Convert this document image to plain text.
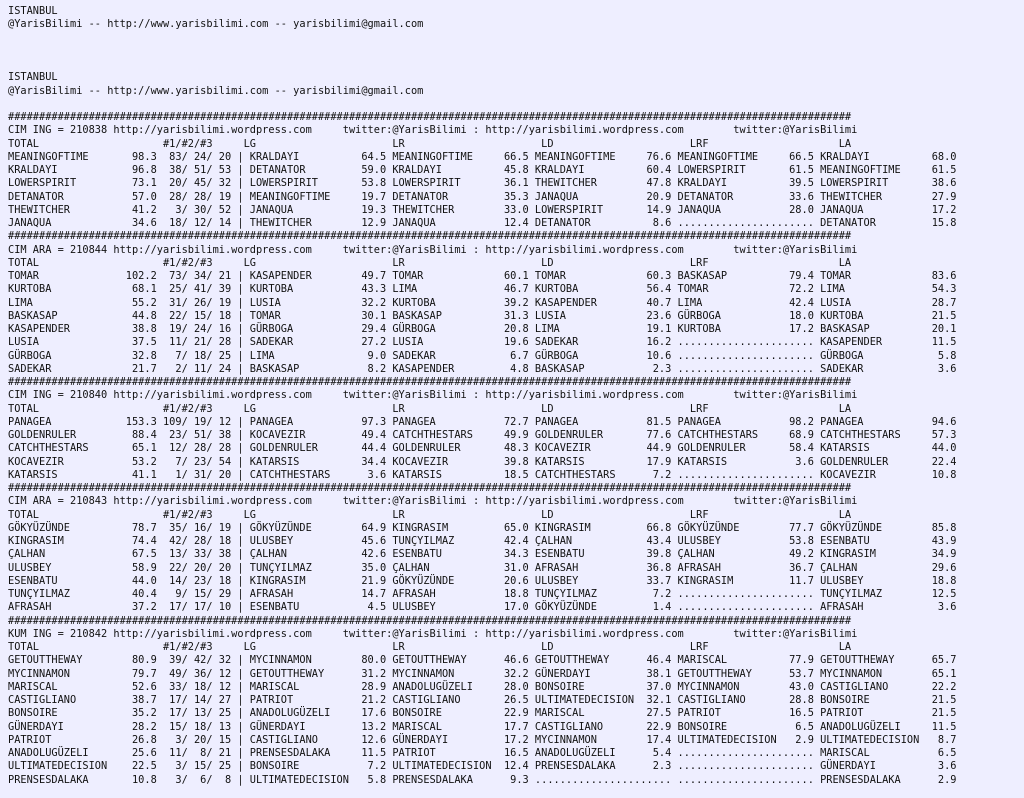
ISTANBUL
@YarisBilimi -- http://www.yarisbilimi.com -- yarisbilimi@gmail.com

ISTANBUL
@YarisBilimi -- http://www.yarisbilimi.com -- yarisbilimi@gmail.com
########################################################################################################################################
CIM ING = 210838 http://yarisbilimi.wordpress.com     twitter:@YarisBilimi : http://yarisbilimi.wordpress.com        twitter:@YarisBilimi
TOTAL                    #1/#2/#3     LG                      LR                      LD                      LRF                     LA
MEANINGOFTIME       98.3  83/ 24/ 20 | KRALDAYI          64.5 MEANINGOFTIME     66.5 MEANINGOFTIME     76.6 MEANINGOFTIME     66.5 KRALDAYI          68.0
KRALDAYI            96.8  38/ 51/ 53 | DETANATOR         59.0 KRALDAYI          45.8 KRALDAYI          60.4 LOWERSPIRIT       61.5 MEANINGOFTIME     61.5
LOWERSPIRIT         73.1  20/ 45/ 32 | LOWERSPIRIT       53.8 LOWERSPIRIT       36.1 THEWITCHER        47.8 KRALDAYI          39.5 LOWERSPIRIT       38.6
DETANATOR           57.0  28/ 28/ 19 | MEANINGOFTIME     19.7 DETANATOR         35.3 JANAQUA           20.9 DETANATOR         33.6 THEWITCHER        27.9
THEWITCHER          41.2   3/ 30/ 52 | JANAQUA           19.3 THEWITCHER        33.0 LOWERSPIRIT       14.9 JANAQUA           28.0 JANAQUA           17.2
JANAQUA             34.6  18/ 12/ 14 | THEWITCHER        12.9 JANAQUA           12.4 DETANATOR          8.6 ...................... DETANATOR         15.8
########################################################################################################################################
CIM ARA = 210844 http://yarisbilimi.wordpress.com     twitter:@YarisBilimi : http://yarisbilimi.wordpress.com        twitter:@YarisBilimi
TOTAL                    #1/#2/#3     LG                      LR                      LD                      LRF                     LA
TOMAR              102.2  73/ 34/ 21 | KASAPENDER        49.7 TOMAR             60.1 TOMAR             60.3 BASKASAP          79.4 TOMAR             83.6
KURTOBA             68.1  25/ 41/ 39 | KURTOBA           43.3 LIMA              46.7 KURTOBA           56.4 TOMAR             72.2 LIMA              54.3
LIMA                55.2  31/ 26/ 19 | LUSIA             32.2 KURTOBA           39.2 KASAPENDER        40.7 LIMA              42.4 LUSIA             28.7
BASKASAP            44.8  22/ 15/ 18 | TOMAR             30.1 BASKASAP          31.3 LUSIA             23.6 GÜRBOGA           18.0 KURTOBA           21.5
KASAPENDER          38.8  19/ 24/ 16 | GÜRBOGA           29.4 GÜRBOGA           20.8 LIMA              19.1 KURTOBA           17.2 BASKASAP          20.1
LUSIA               37.5  11/ 21/ 28 | SADEKAR           27.2 LUSIA             19.6 SADEKAR           16.2 ...................... KASAPENDER        11.5
GÜRBOGA             32.8   7/ 18/ 25 | LIMA               9.0 SADEKAR            6.7 GÜRBOGA           10.6 ...................... GÜRBOGA            5.8
SADEKAR             21.7   2/ 11/ 24 | BASKASAP           8.2 KASAPENDER         4.8 BASKASAP           2.3 ...................... SADEKAR            3.6
########################################################################################################################################
CIM ING = 210840 http://yarisbilimi.wordpress.com     twitter:@YarisBilimi : http://yarisbilimi.wordpress.com        twitter:@YarisBilimi
TOTAL                    #1/#2/#3     LG                      LR                      LD                      LRF                     LA
PANAGEA            153.3 109/ 19/ 12 | PANAGEA           97.3 PANAGEA           72.7 PANAGEA           81.5 PANAGEA           98.2 PANAGEA           94.6
GOLDENRULER         88.4  23/ 51/ 38 | KOCAVEZIR         49.4 CATCHTHESTARS     49.9 GOLDENRULER       77.6 CATCHTHESTARS     68.9 CATCHTHESTARS     57.3
CATCHTHESTARS       65.1  12/ 28/ 28 | GOLDENRULER       44.4 GOLDENRULER       48.3 KOCAVEZIR         44.9 GOLDENRULER       58.4 KATARSIS          44.0
KOCAVEZIR           53.2   7/ 23/ 54 | KATARSIS          34.4 KOCAVEZIR         39.8 KATARSIS          17.9 KATARSIS           3.6 GOLDENRULER       22.4
KATARSIS            41.1   1/ 31/ 20 | CATCHTHESTARS      3.6 KATARSIS          18.5 CATCHTHESTARS      7.2 ...................... KOCAVEZIR         10.8
########################################################################################################################################
CIM ARA = 210843 http://yarisbilimi.wordpress.com     twitter:@YarisBilimi : http://yarisbilimi.wordpress.com        twitter:@YarisBilimi
TOTAL                    #1/#2/#3     LG                      LR                      LD                      LRF                     LA
GÖKYÜZÜNDE          78.7  35/ 16/ 19 | GÖKYÜZÜNDE        64.9 KINGRASIM         65.0 KINGRASIM         66.8 GÖKYÜZÜNDE        77.7 GÖKYÜZÜNDE        85.8
KINGRASIM           74.4  42/ 28/ 18 | ULUSBEY           45.6 TUNÇYILMAZ        42.4 ÇALHAN            43.4 ULUSBEY           53.8 ESENBATU          43.9
ÇALHAN              67.5  13/ 33/ 38 | ÇALHAN            42.6 ESENBATU          34.3 ESENBATU          39.8 ÇALHAN            49.2 KINGRASIM         34.9
ULUSBEY             58.9  22/ 20/ 20 | TUNÇYILMAZ        35.0 ÇALHAN            31.0 AFRASAH           36.8 AFRASAH           36.7 ÇALHAN            29.6
ESENBATU            44.0  14/ 23/ 18 | KINGRASIM         21.9 GÖKYÜZÜNDE        20.6 ULUSBEY           33.7 KINGRASIM         11.7 ULUSBEY           18.8
TUNÇYILMAZ          40.4   9/ 15/ 29 | AFRASAH           14.7 AFRASAH           18.8 TUNÇYILMAZ         7.2 ...................... TUNÇYILMAZ        12.5
AFRASAH             37.2  17/ 17/ 10 | ESENBATU           4.5 ULUSBEY           17.0 GÖKYÜZÜNDE         1.4 ...................... AFRASAH            3.6
########################################################################################################################################
KUM ING = 210842 http://yarisbilimi.wordpress.com     twitter:@YarisBilimi : http://yarisbilimi.wordpress.com        twitter:@YarisBilimi
TOTAL                    #1/#2/#3     LG                      LR                      LD                      LRF                     LA
GETOUTTHEWAY        80.9  39/ 42/ 32 | MYCINNAMON        80.0 GETOUTTHEWAY      46.6 GETOUTTHEWAY      46.4 MARISCAL          77.9 GETOUTTHEWAY      65.7
MYCINNAMON          79.7  49/ 36/ 12 | GETOUTTHEWAY      31.2 MYCINNAMON        32.2 GÜNERDAYI         38.1 GETOUTTHEWAY      53.7 MYCINNAMON        65.1
MARISCAL            52.6  33/ 18/ 12 | MARISCAL          28.9 ANADOLUGÜZELI     28.0 BONSOIRE          37.0 MYCINNAMON        43.0 CASTIGLIANO       22.2
CASTIGLIANO         38.7  17/ 14/ 27 | PATRIOT           21.2 CASTIGLIANO       26.5 ULTIMATEDECISION  32.1 CASTIGLIANO       28.8 BONSOIRE          21.5
BONSOIRE            35.2  17/ 13/ 25 | ANADOLUGÜZELI     17.6 BONSOIRE          22.9 MARISCAL          27.5 PATRIOT           16.5 PATRIOT           21.5
GÜNERDAYI           28.2  15/ 18/ 13 | GÜNERDAYI         13.2 MARISCAL          17.7 CASTIGLIANO       22.9 BONSOIRE           6.5 ANADOLUGÜZELI     11.5
PATRIOT             26.8   3/ 20/ 15 | CASTIGLIANO       12.6 GÜNERDAYI         17.2 MYCINNAMON        17.4 ULTIMATEDECISION   2.9 ULTIMATEDECISION   8.7
ANADOLUGÜZELI       25.6  11/  8/ 21 | PRENSESDALAKA     11.5 PATRIOT           16.5 ANADOLUGÜZELI      5.4 ...................... MARISCAL           6.5
ULTIMATEDECISION    22.5   3/ 15/ 25 | BONSOIRE           7.2 ULTIMATEDECISION  12.4 PRENSESDALAKA      2.3 ...................... GÜNERDAYI          3.6
PRENSESDALAKA       10.8   3/  6/  8 | ULTIMATEDECISION   5.8 PRENSESDALAKA      9.3 ...................... ...................... PRENSESDALAKA      2.9
